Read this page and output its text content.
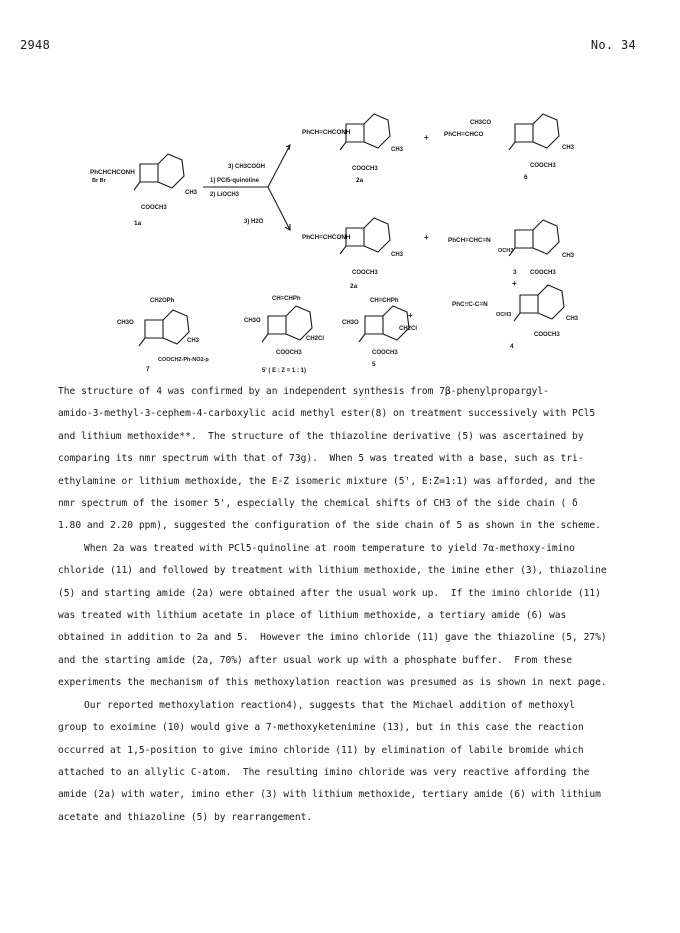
2948	No. 34
PhCHCHCONH
Br Br
COOCH3
CH3
1a
3) CH3COOH
1) PCl5-quinoline
2) LiOCH3
3) H2O
PhCH=CHCONH
COOCH3
CH3
2a
+
CH3CO
PhCH=CHCO
COOCH3
CH3
6
PhCH=CHCONH
COOCH3
CH3
2a
+	PhCH=CHC=N
OCH3
COOCH3
CH3
3
+
PhC≡C-C=N
OCH3
COOCH3
CH3
4
CH2OPh
CH3O
COOCH2-Ph-NO2-p
CH3
7
CH=CHPh
CH3O
COOCH3
CH2Cl
5' ( E : Z = 1 : 1)
CH=CHPh
CH3O
COOCH3
CH2Cl
5
+

The structure of 4 was confirmed by an independent synthesis from 7β-phenylpropargyl-

amido-3-methyl-3-cephem-4-carboxylic acid methyl ester(8) on treatment successively with PCl5

and lithium methoxide**.  The structure of the thiazoline derivative (5) was ascertained by

comparing its nmr spectrum with that of 73g).  When 5 was treated with a base, such as tri-

ethylamine or lithium methoxide, the E-Z isomeric mixture (5', E:Z=1:1) was afforded, and the

nmr spectrum of the isomer 5', especially the chemical shifts of CH3 of the side chain ( δ

1.80 and 2.20 ppm), suggested the configuration of the side chain of 5 as shown in the scheme.

When 2a was treated with PCl5-quinoline at room temperature to yield 7α-methoxy-imino

chloride (11) and followed by treatment with lithium methoxide, the imine ether (3), thiazoline

(5) and starting amide (2a) were obtained after the usual work up.  If the imino chloride (11)

was treated with lithium acetate in place of lithium methoxide, a tertiary amide (6) was

obtained in addition to 2a and 5.  However the imino chloride (11) gave the thiazoline (5, 27%)

and the starting amide (2a, 70%) after usual work up with a phosphate buffer.  From these

experiments the mechanism of this methoxylation reaction was presumed as is shown in next page.

Our reported methoxylation reaction4), suggests that the Michael addition of methoxyl

group to exoimine (10) would give a 7-methoxyketenimine (13), but in this case the reaction

occurred at 1,5-position to give imino chloride (11) by elimination of labile bromide which

attached to an allylic C-atom.  The resulting imino chloride was very reactive affording the

amide (2a) with water, imino ether (3) with lithium methoxide, tertiary amide (6) with lithium

acetate and thiazoline (5) by rearrangement.
